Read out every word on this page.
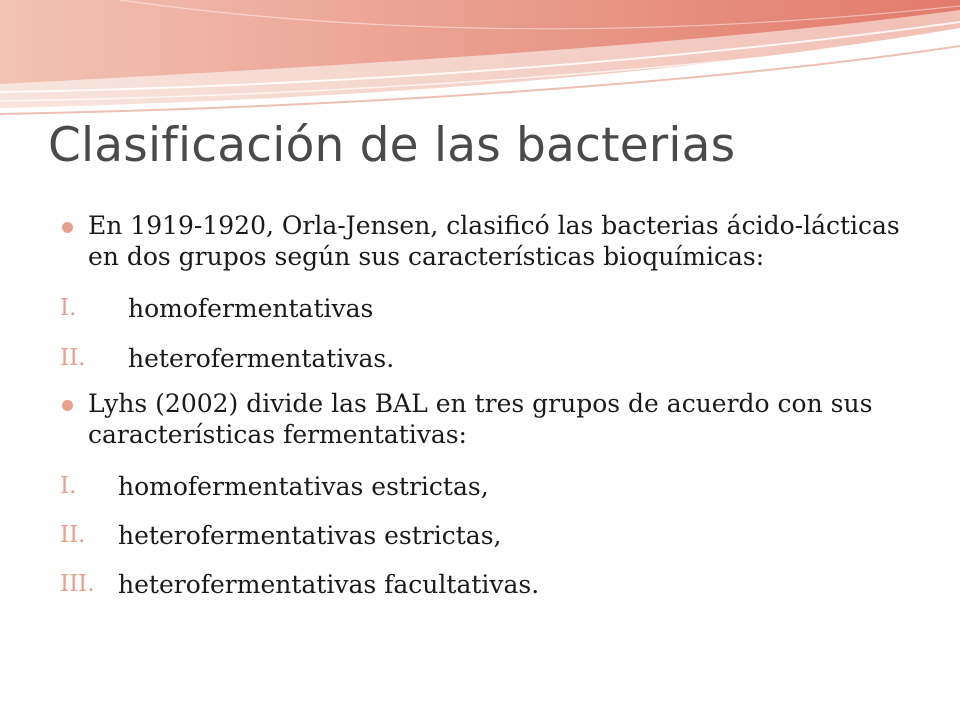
Clasificación de las bacterias
En 1919-1920, Orla-Jensen, clasificó las bacterias ácido-lácticas en dos grupos según sus características bioquímicas:
I. homofermentativas
II. heterofermentativas.
Lyhs (2002) divide las BAL en tres grupos de acuerdo con sus características fermentativas:
I. homofermentativas estrictas,
II. heterofermentativas estrictas,
III. heterofermentativas facultativas.
